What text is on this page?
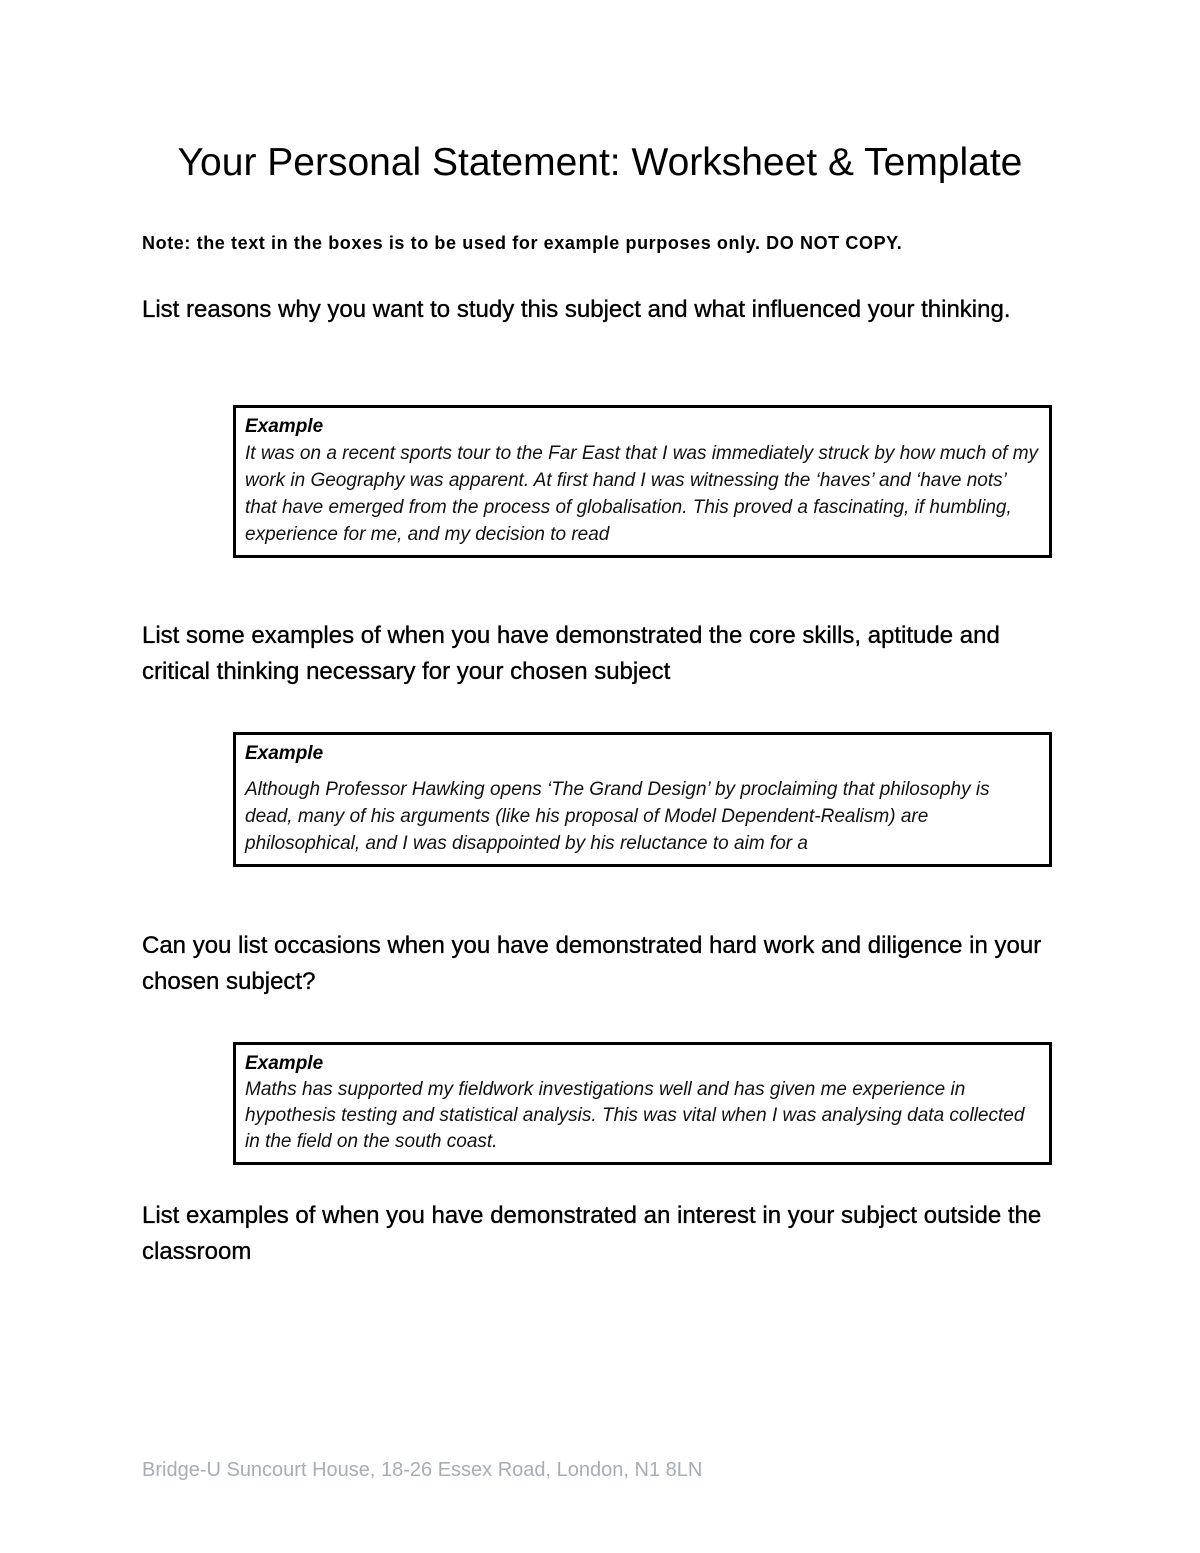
Your Personal Statement: Worksheet & Template

Note: the text in the boxes is to be used for example purposes only. DO NOT COPY.

List reasons why you want to study this subject and what influenced your thinking.

Example

It was on a recent sports tour to the Far East that I was immediately struck by how much of my work in Geography was apparent. At first hand I was witnessing the ‘haves’ and ‘have nots’ that have emerged from the process of globalisation. This proved a fascinating, if humbling, experience for me, and my decision to read

List some examples of when you have demonstrated the core skills, aptitude and critical thinking necessary for your chosen subject

Example

Although Professor Hawking opens ‘The Grand Design’ by proclaiming that philosophy is dead, many of his arguments (like his proposal of Model Dependent-Realism) are philosophical, and I was disappointed by his reluctance to aim for a

Can you list occasions when you have demonstrated hard work and diligence in your chosen subject?

Example

Maths has supported my fieldwork investigations well and has given me experience in hypothesis testing and statistical analysis. This was vital when I was analysing data collected in the field on the south coast.

List examples of when you have demonstrated an interest in your subject outside the classroom

Bridge-U Suncourt House, 18-26 Essex Road, London, N1 8LN
